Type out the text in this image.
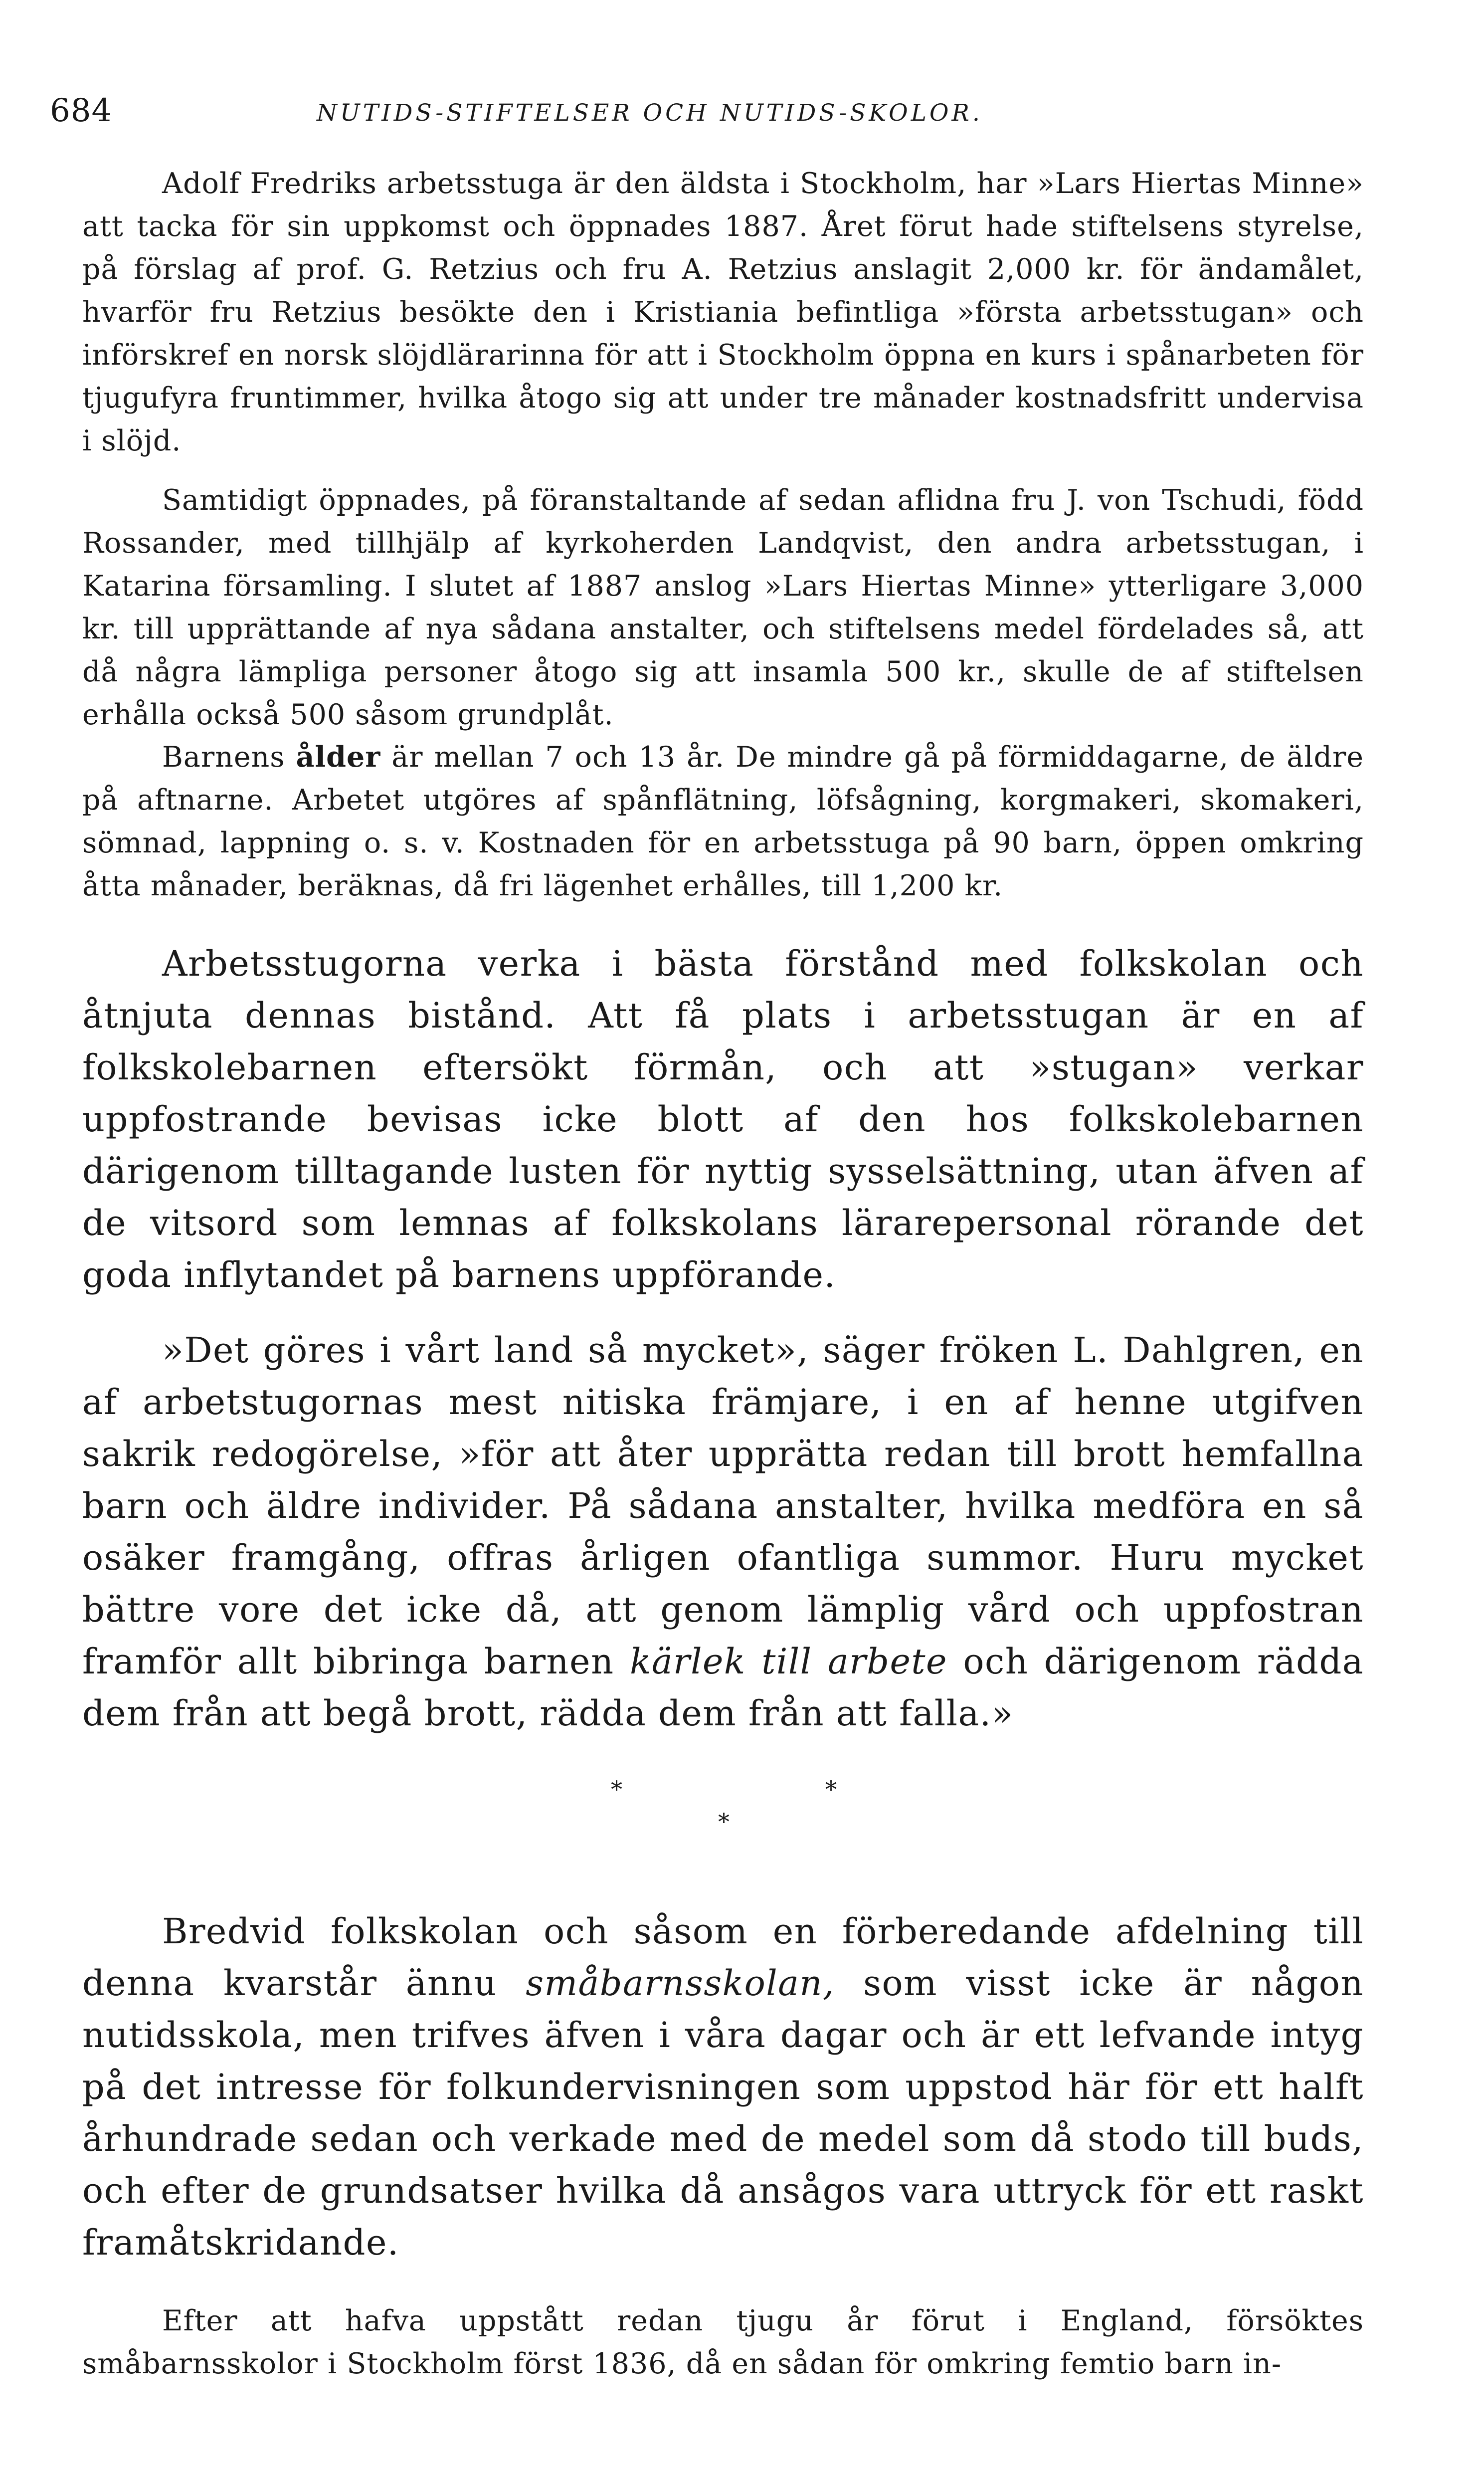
684	NUTIDS-STIFTELSER OCH NUTIDS-SKOLOR.

Adolf Fredriks arbetsstuga är den äldsta i Stockholm, har »Lars Hiertas Minne» att tacka för sin uppkomst och öppnades 1887. Året förut hade stiftelsens styrelse, på förslag af prof. G. Retzius och fru A. Retzius anslagit 2,000 kr. för ändamålet, hvarför fru Retzius besökte den i Kristiania befintliga »första arbetsstugan» och införskref en norsk slöjdlärarinna för att i Stockholm öppna en kurs i spånarbeten för tjugufyra fruntimmer, hvilka åtogo sig att under tre månader kostnadsfritt undervisa i slöjd.

Samtidigt öppnades, på föranstaltande af sedan aflidna fru J. von Tschudi, född Rossander, med tillhjälp af kyrkoherden Landqvist, den andra arbetsstugan, i Katarina församling. I slutet af 1887 anslog »Lars Hiertas Minne» ytterligare 3,000 kr. till upprättande af nya sådana anstalter, och stiftelsens medel fördelades så, att då några lämpliga personer åtogo sig att insamla 500 kr., skulle de af stiftelsen erhålla också 500 såsom grundplåt.

Barnens ålder är mellan 7 och 13 år. De mindre gå på förmiddagarne, de äldre på aftnarne. Arbetet utgöres af spånflätning, löfsågning, korgmakeri, skomakeri, sömnad, lappning o. s. v. Kostnaden för en arbetsstuga på 90 barn, öppen omkring åtta månader, beräknas, då fri lägenhet erhålles, till 1,200 kr.

Arbetsstugorna verka i bästa förstånd med folkskolan och åtnjuta dennas bistånd. Att få plats i arbetsstugan är en af folkskolebarnen eftersökt förmån, och att »stugan» verkar uppfostrande bevisas icke blott af den hos folkskolebarnen därigenom tilltagande lusten för nyttig sysselsättning, utan äfven af de vitsord som lemnas af folkskolans lärarepersonal rörande det goda inflytandet på barnens uppförande.

»Det göres i vårt land så mycket», säger fröken L. Dahlgren, en af arbetstugornas mest nitiska främjare, i en af henne utgifven sakrik redogörelse, »för att åter upprätta redan till brott hemfallna barn och äldre individer. På sådana anstalter, hvilka medföra en så osäker framgång, offras årligen ofantliga summor. Huru mycket bättre vore det icke då, att genom lämplig vård och uppfostran framför allt bibringa barnen kärlek till arbete och därigenom rädda dem från att begå brott, rädda dem från att falla.»

*	*
*

Bredvid folkskolan och såsom en förberedande afdelning till denna kvarstår ännu småbarnsskolan, som visst icke är någon nutidsskola, men trifves äfven i våra dagar och är ett lefvande intyg på det intresse för folkundervisningen som uppstod här för ett halft århundrade sedan och verkade med de medel som då stodo till buds, och efter de grundsatser hvilka då ansågos vara uttryck för ett raskt framåtskridande.

Efter att hafva uppstått redan tjugu år förut i England, försöktes småbarnsskolor i Stockholm först 1836, då en sådan för omkring femtio barn in-
